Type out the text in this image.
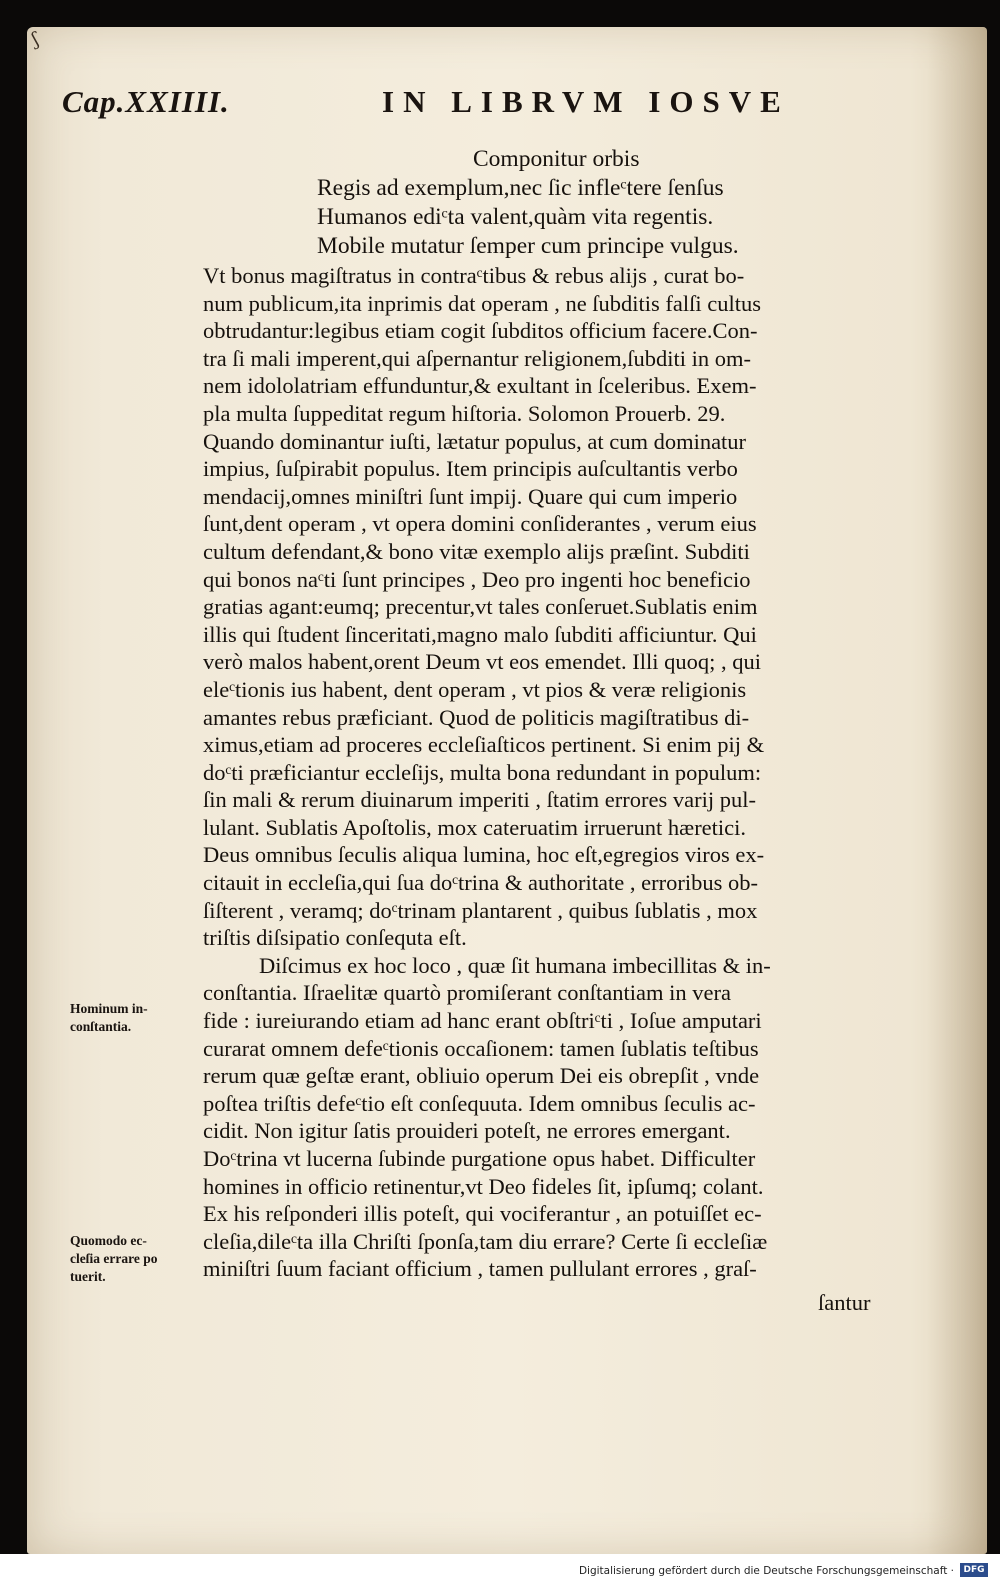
ʃ
Cap.XXIIII.	IN LIBRVM IOSVE
Componitur orbis
Regis ad exemplum,nec ſic infleᶜtere ſenſus
Humanos ediᶜta valent,quàm vita regentis.
Mobile mutatur ſemper cum principe vulgus.
Vt bonus magiſtratus in contraᶜtibus & rebus alijs , curat bo-
num publicum,ita inprimis dat operam , ne ſubditis falſi cultus
obtrudantur:legibus etiam cogit ſubditos officium facere.Con-
tra ſi mali imperent,qui aſpernantur religionem,ſubditi in om-
nem idololatriam effunduntur,& exultant in ſceleribus. Exem-
pla multa ſuppeditat regum hiſtoria. Solomon Prouerb. 29.
Quando dominantur iuſti, lætatur populus, at cum dominatur
impius, ſuſpirabit populus. Item principis auſcultantis verbo
mendacij,omnes miniſtri ſunt impij. Quare qui cum imperio
ſunt,dent operam , vt opera domini conſiderantes , verum eius
cultum defendant,& bono vitæ exemplo alijs præſint. Subditi
qui bonos naᶜti ſunt principes , Deo pro ingenti hoc beneficio
gratias agant:eumq; precentur,vt tales conſeruet.Sublatis enim
illis qui ſtudent ſinceritati,magno malo ſubditi afficiuntur. Qui
verò malos habent,orent Deum vt eos emendet. Illi quoq; , qui
eleᶜtionis ius habent, dent operam , vt pios & veræ religionis
amantes rebus præficiant. Quod de politicis magiſtratibus di-
ximus,etiam ad proceres eccleſiaſticos pertinent. Si enim pij &
doᶜti præficiantur eccleſijs, multa bona redundant in populum:
ſin mali & rerum diuinarum imperiti , ſtatim errores varij pul-
lulant. Sublatis Apoſtolis, mox cateruatim irruerunt hæretici.
Deus omnibus ſeculis aliqua lumina, hoc eſt,egregios viros ex-
citauit in eccleſia,qui ſua doᶜtrina & authoritate , erroribus ob-
ſiſterent , veramq; doᶜtrinam plantarent , quibus ſublatis , mox
triſtis diſsipatio conſequta eſt.
Diſcimus ex hoc loco , quæ ſit humana imbecillitas & in-
conſtantia. Iſraelitæ quartò promiſerant conſtantiam in vera
fide : iureiurando etiam ad hanc erant obſtriᶜti , Ioſue amputari
curarat omnem defeᶜtionis occaſionem: tamen ſublatis teſtibus
rerum quæ geſtæ erant, obliuio operum Dei eis obrepſit , vnde
poſtea triſtis defeᶜtio eſt conſequuta. Idem omnibus ſeculis ac-
cidit. Non igitur ſatis prouideri poteſt, ne errores emergant.
Doᶜtrina vt lucerna ſubinde purgatione opus habet. Difficulter
homines in officio retinentur,vt Deo fideles ſit, ipſumq; colant.
Ex his reſponderi illis poteſt, qui vociferantur , an potuiſſet ec-
cleſia,dileᶜta illa Chriſti ſponſa,tam diu errare? Certe ſi eccleſiæ
miniſtri ſuum faciant officium , tamen pullulant errores , graſ-
ſantur
Hominum in-
conſtantia.
Quomodo ec-
cleſia errare po
tuerit.
Digitalisierung gefördert durch die Deutsche Forschungsgemeinschaft ·	DFG
